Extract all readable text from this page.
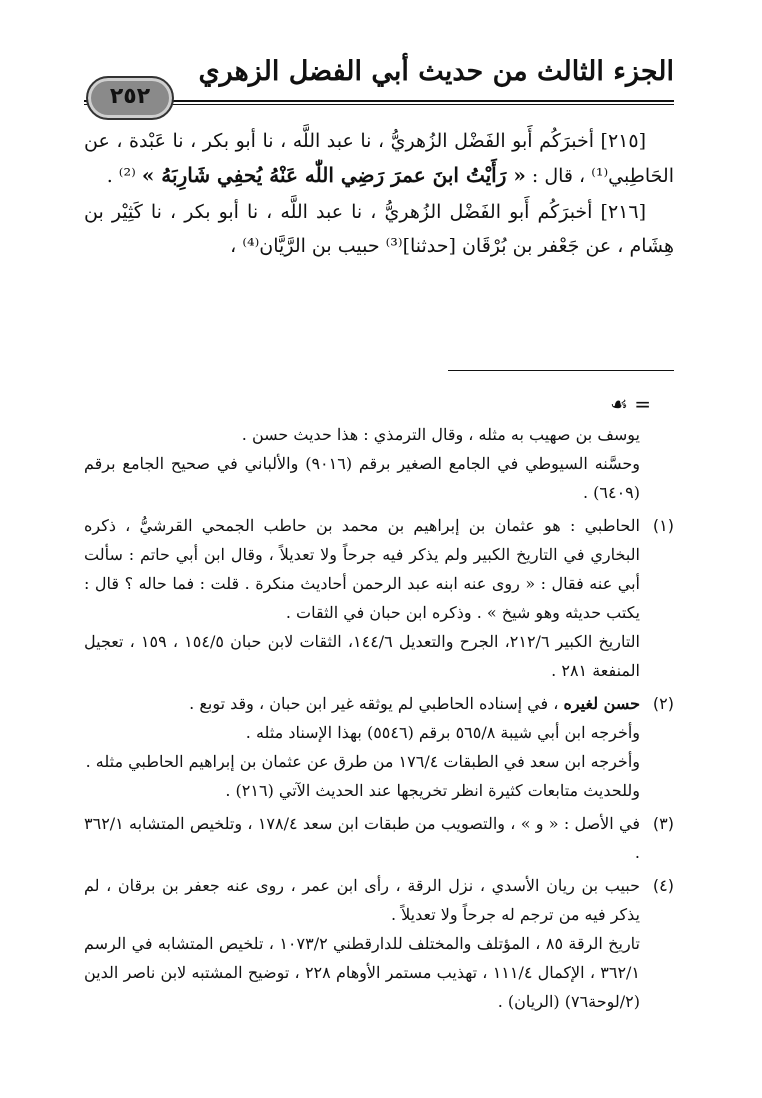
الجزء الثالث من حديث أبي الفضل الزهري
٢٥٢

[٢١٥] أخبرَكُم أَبو الفَضْل الزُهريُّ ، نا عبد اللَّه ، نا أبو بكر ، نا عَبْدة ، عن الحَاطِبي⁽¹⁾ ، قال : « رَأَيْتُ ابنَ عمرَ رَضِي اللّٰه عَنْهُ يُحفِي شَارِبَهُ » ⁽²⁾ .

[٢١٦] أخبرَكُم أَبو الفَضْل الزُهريُّ ، نا عبد اللَّه ، نا أبو بكر ، نا كَثِيْر بن هِشَام ، عن جَعْفر بن بُرْقَان [حدثنا]⁽³⁾ حبيب بن الرَّيَّان⁽⁴⁾ ،

= ☙

يوسف بن صهيب به مثله ، وقال الترمذي : هذا حديث حسن .

وحسَّنه السيوطي في الجامع الصغير برقم (٩٠١٦) والألباني في صحيح الجامع برقم (٦٤٠٩) .

(١)
الحاطبي : هو عثمان بن إبراهيم بن محمد بن حاطب الجمحي القرشيُّ ، ذكره البخاري في التاريخ الكبير ولم يذكر فيه جرحاً ولا تعديلاً ، وقال ابن أبي حاتم : سألت أبي عنه فقال : « روى عنه ابنه عبد الرحمن أحاديث منكرة . قلت : فما حاله ؟ قال : يكتب حديثه وهو شيخ » . وذكره ابن حبان في الثقات .

التاريخ الكبير ٢١٢/٦، الجرح والتعديل ١٤٤/٦، الثقات لابن حبان ١٥٤/٥ ، ١٥٩ ، تعجيل المنفعة ٢٨١ .

(٢)
حسن لغيره ، في إسناده الحاطبي لم يوثقه غير ابن حبان ، وقد توبع .

وأخرجه ابن أبي شيبة ٥٦٥/٨ برقم (٥٥٤٦) بهذا الإسناد مثله .

وأخرجه ابن سعد في الطبقات ١٧٦/٤ من طرق عن عثمان بن إبراهيم الحاطبي مثله .

وللحديث متابعات كثيرة انظر تخريجها عند الحديث الآتي (٢١٦) .

(٣)
في الأصل : « و » ، والتصويب من طبقات ابن سعد ١٧٨/٤ ، وتلخيص المتشابه ٣٦٢/١ .

(٤)
حبيب بن ريان الأسدي ، نزل الرقة ، رأى ابن عمر ، روى عنه جعفر بن برقان ، لم يذكر فيه من ترجم له جرحاً ولا تعديلاً .

تاريخ الرقة ٨٥ ، المؤتلف والمختلف للدارقطني ١٠٧٣/٢ ، تلخيص المتشابه في الرسم ٣٦٢/١ ، الإكمال ١١١/٤ ، تهذيب مستمر الأوهام ٢٢٨ ، توضيح المشتبه لابن ناصر الدين (٢/لوحة٧٦) (الريان) .
